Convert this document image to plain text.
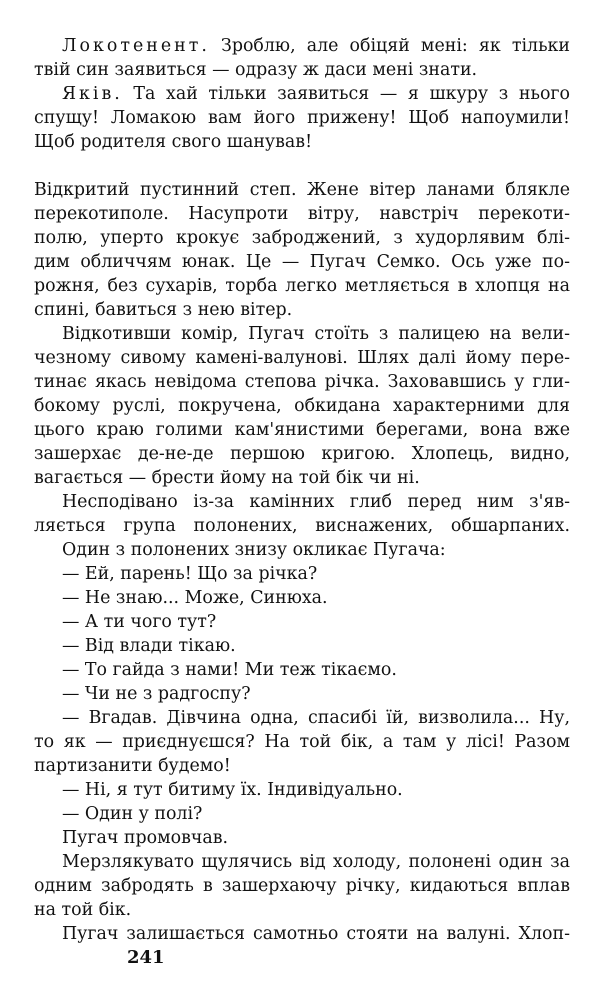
Локотенент. Зроблю, але обіцяй мені: як тільки
твій син заявиться — одразу ж даси мені знати.
Яків. Та хай тільки заявиться — я шкуру з нього
спущу! Ломакою вам його прижену! Щоб напоумили!
Щоб родителя свого шанував!
Відкритий пустинний степ. Жене вітер ланами блякле
перекотиполе. Насупроти вітру, навстріч перекоти-
полю, уперто крокує заброджений, з худорлявим блі-
дим обличчям юнак. Це — Пугач Семко. Ось уже по-
рожня, без сухарів, торба легко метляється в хлопця на
спині, бавиться з нею вітер.
Відкотивши комір, Пугач стоїть з палицею на вели-
чезному сивому камені-валунові. Шлях далі йому пере-
тинає якась невідома степова річка. Заховавшись у гли-
бокому руслі, покручена, обкидана характерними для
цього краю голими кам'янистими берегами, вона вже
зашерхає де-не-де першою кригою. Хлопець, видно,
вагається — брести йому на той бік чи ні.
Несподівано із-за камінних глиб перед ним з'яв-
ляється група полонених, виснажених, обшарпаних.
Один з полонених знизу окликає Пугача:
— Ей, парень! Що за річка?
— Не знаю... Може, Синюха.
— А ти чого тут?
— Від влади тікаю.
— То гайда з нами! Ми теж тікаємо.
— Чи не з радгоспу?
— Вгадав. Дівчина одна, спасибі їй, визволила... Ну,
то як — приєднуєшся? На той бік, а там у лісі! Разом
партизанити будемо!
— Ні, я тут битиму їх. Індивідуально.
— Один у полі?
Пугач промовчав.
Мерзлякувато щулячись від холоду, полонені один за
одним забродять в зашерхаючу річку, кидаються вплав
на той бік.
Пугач залишається самотньо стояти на валуні. Хлоп-
241
